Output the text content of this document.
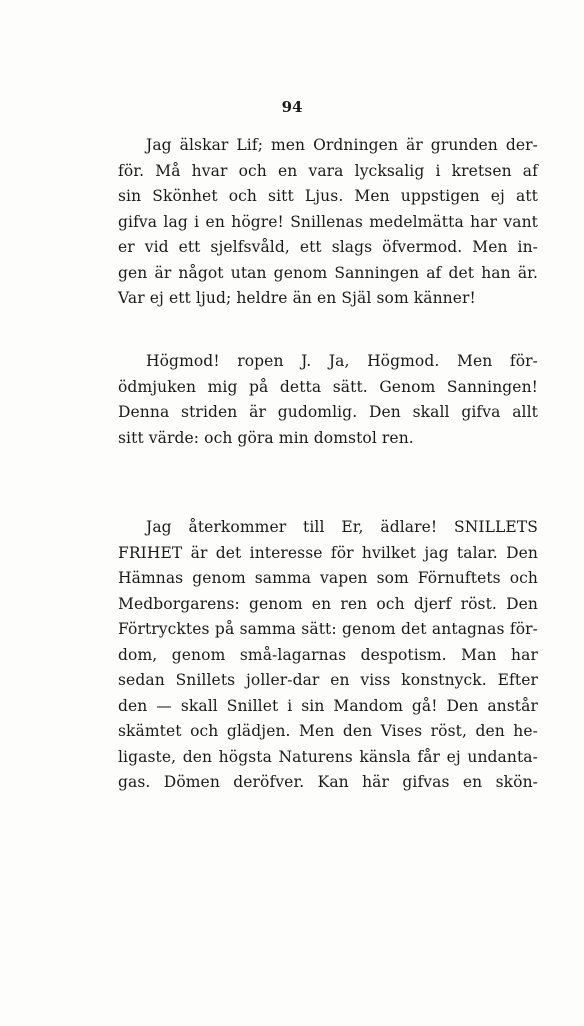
94
Jag älskar Lif; men Ordningen är grunden der-
för. Må hvar och en vara lycksalig i kretsen af
sin Skönhet och sitt Ljus. Men uppstigen ej att
gifva lag i en högre! Snillenas medelmätta har vant
er vid ett sjelfsvåld, ett slags öfvermod. Men in-
gen är något utan genom Sanningen af det han är.
Var ej ett ljud; heldre än en Själ som känner!
Högmod! ropen J. Ja, Högmod. Men för-
ödmjuken mig på detta sätt. Genom Sanningen!
Denna striden är gudomlig. Den skall gifva allt
sitt värde: och göra min domstol ren.
Jag återkommer till Er, ädlare! SNILLETS
FRIHET är det interesse för hvilket jag talar. Den
Hämnas genom samma vapen som Förnuftets och
Medborgarens: genom en ren och djerf röst. Den
Förtrycktes på samma sätt: genom det antagnas för-
dom, genom små-lagarnas despotism. Man har
sedan Snillets joller-dar en viss konstnyck. Efter
den — skall Snillet i sin Mandom gå! Den anstår
skämtet och glädjen. Men den Vises röst, den he-
ligaste, den högsta Naturens känsla får ej undanta-
gas. Dömen deröfver. Kan här gifvas en skön-
